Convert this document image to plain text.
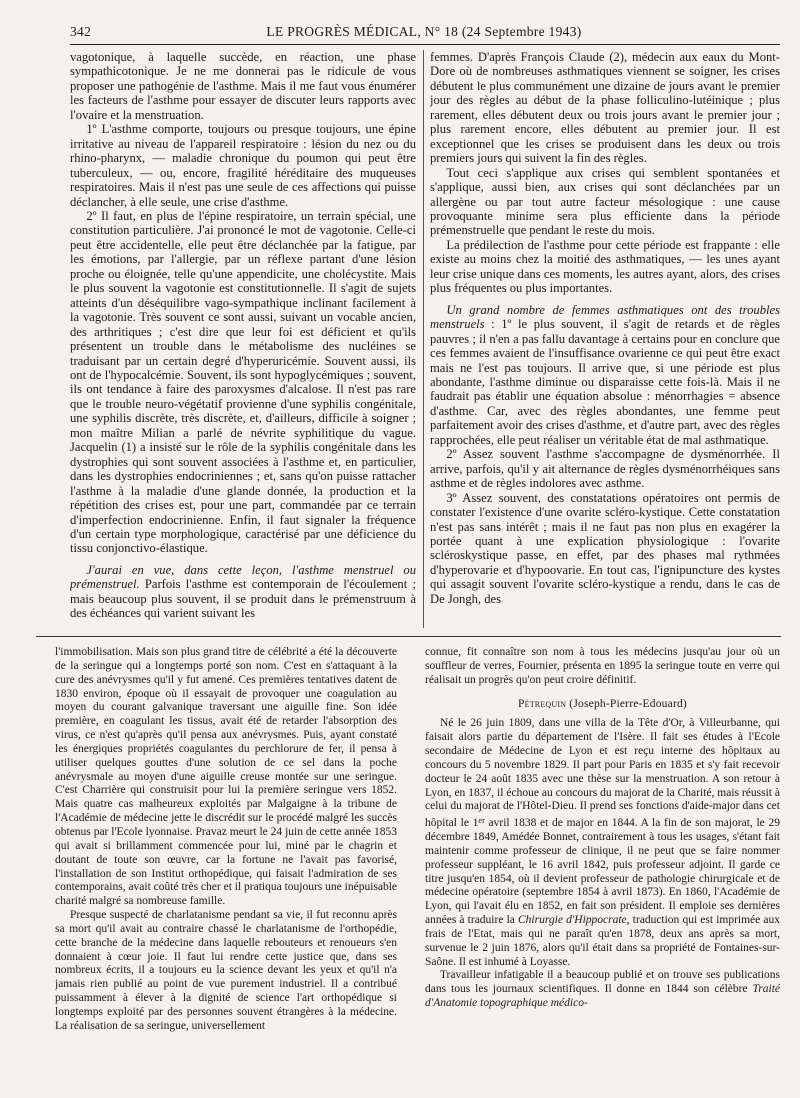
342	LE PROGRÈS MÉDICAL, N° 18 (24 Septembre 1943)

vagotonique, à laquelle succède, en réaction, une phase sympathicotonique. Je ne me donnerai pas le ridicule de vous proposer une pathogénie de l'asthme. Mais il me faut vous énumérer les facteurs de l'asthme pour essayer de discuter leurs rapports avec l'ovaire et la menstruation.

1º L'asthme comporte, toujours ou presque toujours, une épine irritative au niveau de l'appareil respiratoire : lésion du nez ou du rhino-pharynx, — maladie chronique du poumon qui peut être tuberculeux, — ou, encore, fragilité héréditaire des muqueuses respiratoires. Mais il n'est pas une seule de ces affections qui puisse déclancher, à elle seule, une crise d'asthme.

2º Il faut, en plus de l'épine respiratoire, un terrain spécial, une constitution particulière. J'ai prononcé le mot de vagotonie. Celle-ci peut être accidentelle, elle peut être déclanchée par la fatigue, par les émotions, par l'allergie, par un réflexe partant d'une lésion proche ou éloignée, telle qu'une appendicite, une cholécystite. Mais le plus souvent la vagotonie est constitutionnelle. Il s'agit de sujets atteints d'un déséquilibre vago-sympathique inclinant facilement à la vagotonie. Très souvent ce sont aussi, suivant un vocable ancien, des arthritiques ; c'est dire que leur foi est déficient et qu'ils présentent un trouble dans le métabolisme des nucléines se traduisant par un certain degré d'hyperuricémie. Souvent aussi, ils ont de l'hypocalcémie. Souvent, ils sont hypoglycémiques ; souvent, ils ont tendance à faire des paroxysmes d'alcalose. Il n'est pas rare que le trouble neuro-végétatif provienne d'une syphilis congénitale, une syphilis discrète, très discrète, et, d'ailleurs, difficile à soigner ; mon maître Milian a parlé de névrite syphilitique du vague. Jacquelin (1) a insisté sur le rôle de la syphilis congénitale dans les dystrophies qui sont souvent associées à l'asthme et, en particulier, dans les dystrophies endocriniennes ; et, sans qu'on puisse rattacher l'asthme à la maladie d'une glande donnée, la production et la répétition des crises est, pour une part, commandée par ce terrain d'imperfection endocrinienne. Enfin, il faut signaler la fréquence d'un certain type morphologique, caractérisé par une déficience du tissu conjonctivo-élastique.

J'aurai en vue, dans cette leçon, l'asthme menstruel ou prémenstruel. Parfois l'asthme est contemporain de l'écoulement ; mais beaucoup plus souvent, il se produit dans le prémenstruum à des échéances qui varient suivant les

femmes. D'après François Claude (2), médecin aux eaux du Mont-Dore où de nombreuses asthmatiques viennent se soigner, les crises débutent le plus communément une dizaine de jours avant le premier jour des règles au début de la phase folliculino-lutéinique ; plus rarement, elles débutent deux ou trois jours avant le premier jour ; plus rarement encore, elles débutent au premier jour. Il est exceptionnel que les crises se produisent dans les deux ou trois premiers jours qui suivent la fin des règles.

Tout ceci s'applique aux crises qui semblent spontanées et s'applique, aussi bien, aux crises qui sont déclanchées par un allergène ou par tout autre facteur mésologique : une cause provoquante minime sera plus efficiente dans la période prémenstruelle que pendant le reste du mois.

La prédilection de l'asthme pour cette période est frappante : elle existe au moins chez la moitié des asthmatiques, — les unes ayant leur crise unique dans ces moments, les autres ayant, alors, des crises plus fréquentes ou plus importantes.

Un grand nombre de femmes asthmatiques ont des troubles menstruels : 1º le plus souvent, il s'agit de retards et de règles pauvres ; il n'en a pas fallu davantage à certains pour en conclure que ces femmes avaient de l'insuffisance ovarienne ce qui peut être exact mais ne l'est pas toujours. Il arrive que, si une période est plus abondante, l'asthme diminue ou disparaisse cette fois-là. Mais il ne faudrait pas établir une équation absolue : ménorrhagies = absence d'asthme. Car, avec des règles abondantes, une femme peut parfaitement avoir des crises d'asthme, et d'autre part, avec des règles rapprochées, elle peut réaliser un véritable état de mal asthmatique.

2º Assez souvent l'asthme s'accompagne de dysménorrhée. Il arrive, parfois, qu'il y ait alternance de règles dysménorrhéiques sans asthme et de règles indolores avec asthme.

3º Assez souvent, des constatations opératoires ont permis de constater l'existence d'une ovarite scléro-kystique. Cette constatation n'est pas sans intérêt ; mais il ne faut pas non plus en exagérer la portée quant à une explication physiologique : l'ovarite scléroskystique passe, en effet, par des phases mal rythmées d'hyperovarie et d'hypoovarie. En tout cas, l'ignipuncture des kystes qui assagit souvent l'ovarite scléro-kystique a rendu, dans le cas de De Jongh, des

l'immobilisation. Mais son plus grand titre de célébrité a été la découverte de la seringue qui a longtemps porté son nom. C'est en s'attaquant à la cure des anévrysmes qu'il y fut amené. Ces premières tentatives datent de 1830 environ, époque où il essayait de provoquer une coagulation au moyen du courant galvanique traversant une aiguille fine. Son idée première, en coagulant les tissus, avait été de retarder l'absorption des virus, ce n'est qu'après qu'il pensa aux anévrysmes. Puis, ayant constaté les énergiques propriétés coagulantes du perchlorure de fer, il pensa à utiliser quelques gouttes d'une solution de ce sel dans la poche anévrysmale au moyen d'une aiguille creuse montée sur une seringue. C'est Charrière qui construisit pour lui la première seringue vers 1852. Mais quatre cas malheureux exploités par Malgaigne à la tribune de l'Académie de médecine jette le discrédit sur le procédé malgré les succès obtenus par l'Ecole lyonnaise. Pravaz meurt le 24 juin de cette année 1853 qui avait si brillamment commencée pour lui, miné par le chagrin et doutant de toute son œuvre, car la fortune ne l'avait pas favorisé, l'installation de son Institut orthopédique, qui faisait l'admiration de ses contemporains, avait coûté très cher et il pratiqua toujours une inépuisable charité malgré sa nombreuse famille.

Presque suspecté de charlatanisme pendant sa vie, il fut reconnu après sa mort qu'il avait au contraire chassé le charlatanisme de l'orthopédie, cette branche de la médecine dans laquelle rebouteurs et renoueurs s'en donnaient à cœur joie. Il faut lui rendre cette justice que, dans ses nombreux écrits, il a toujours eu la science devant les yeux et qu'il n'a jamais rien publié au point de vue purement industriel. Il a contribué puissamment à élever à la dignité de science l'art orthopédique si longtemps exploité par des personnes souvent étrangères à la médecine. La réalisation de sa seringue, universellement

connue, fit connaître son nom à tous les médecins jusqu'au jour où un souffleur de verres, Fournier, présenta en 1895 la seringue toute en verre qui réalisait un progrès qu'on peut croire définitif.

Pétrequin (Joseph-Pierre-Edouard)

Né le 26 juin 1809, dans une villa de la Tête d'Or, à Villeurbanne, qui faisait alors partie du département de l'Isère. Il fait ses études à l'Ecole secondaire de Médecine de Lyon et est reçu interne des hôpitaux au concours du 5 novembre 1829. Il part pour Paris en 1835 et s'y fait recevoir docteur le 24 août 1835 avec une thèse sur la menstruation. A son retour à Lyon, en 1837, il échoue au concours du majorat de la Charité, mais réussit à celui du majorat de l'Hôtel-Dieu. Il prend ses fonctions d'aide-major dans cet hôpital le 1er avril 1838 et de major en 1844. A la fin de son majorat, le 29 décembre 1849, Amédée Bonnet, contrairement à tous les usages, s'étant fait maintenir comme professeur de clinique, il ne peut que se faire nommer professeur suppléant, le 16 avril 1842, puis professeur adjoint. Il garde ce titre jusqu'en 1854, où il devient professeur de pathologie chirurgicale et de médecine opératoire (septembre 1854 à avril 1873). En 1860, l'Académie de Lyon, qui l'avait élu en 1852, en fait son président. Il emploie ses dernières années à traduire la Chirurgie d'Hippocrate, traduction qui est imprimée aux frais de l'Etat, mais qui ne paraît qu'en 1878, deux ans après sa mort, survenue le 2 juin 1876, alors qu'il était dans sa propriété de Fontaines-sur-Saône. Il est inhumé à Loyasse.

Travailleur infatigable il a beaucoup publié et on trouve ses publications dans tous les journaux scientifiques. Il donne en 1844 son célèbre Traité d'Anatomie topographique médico-
